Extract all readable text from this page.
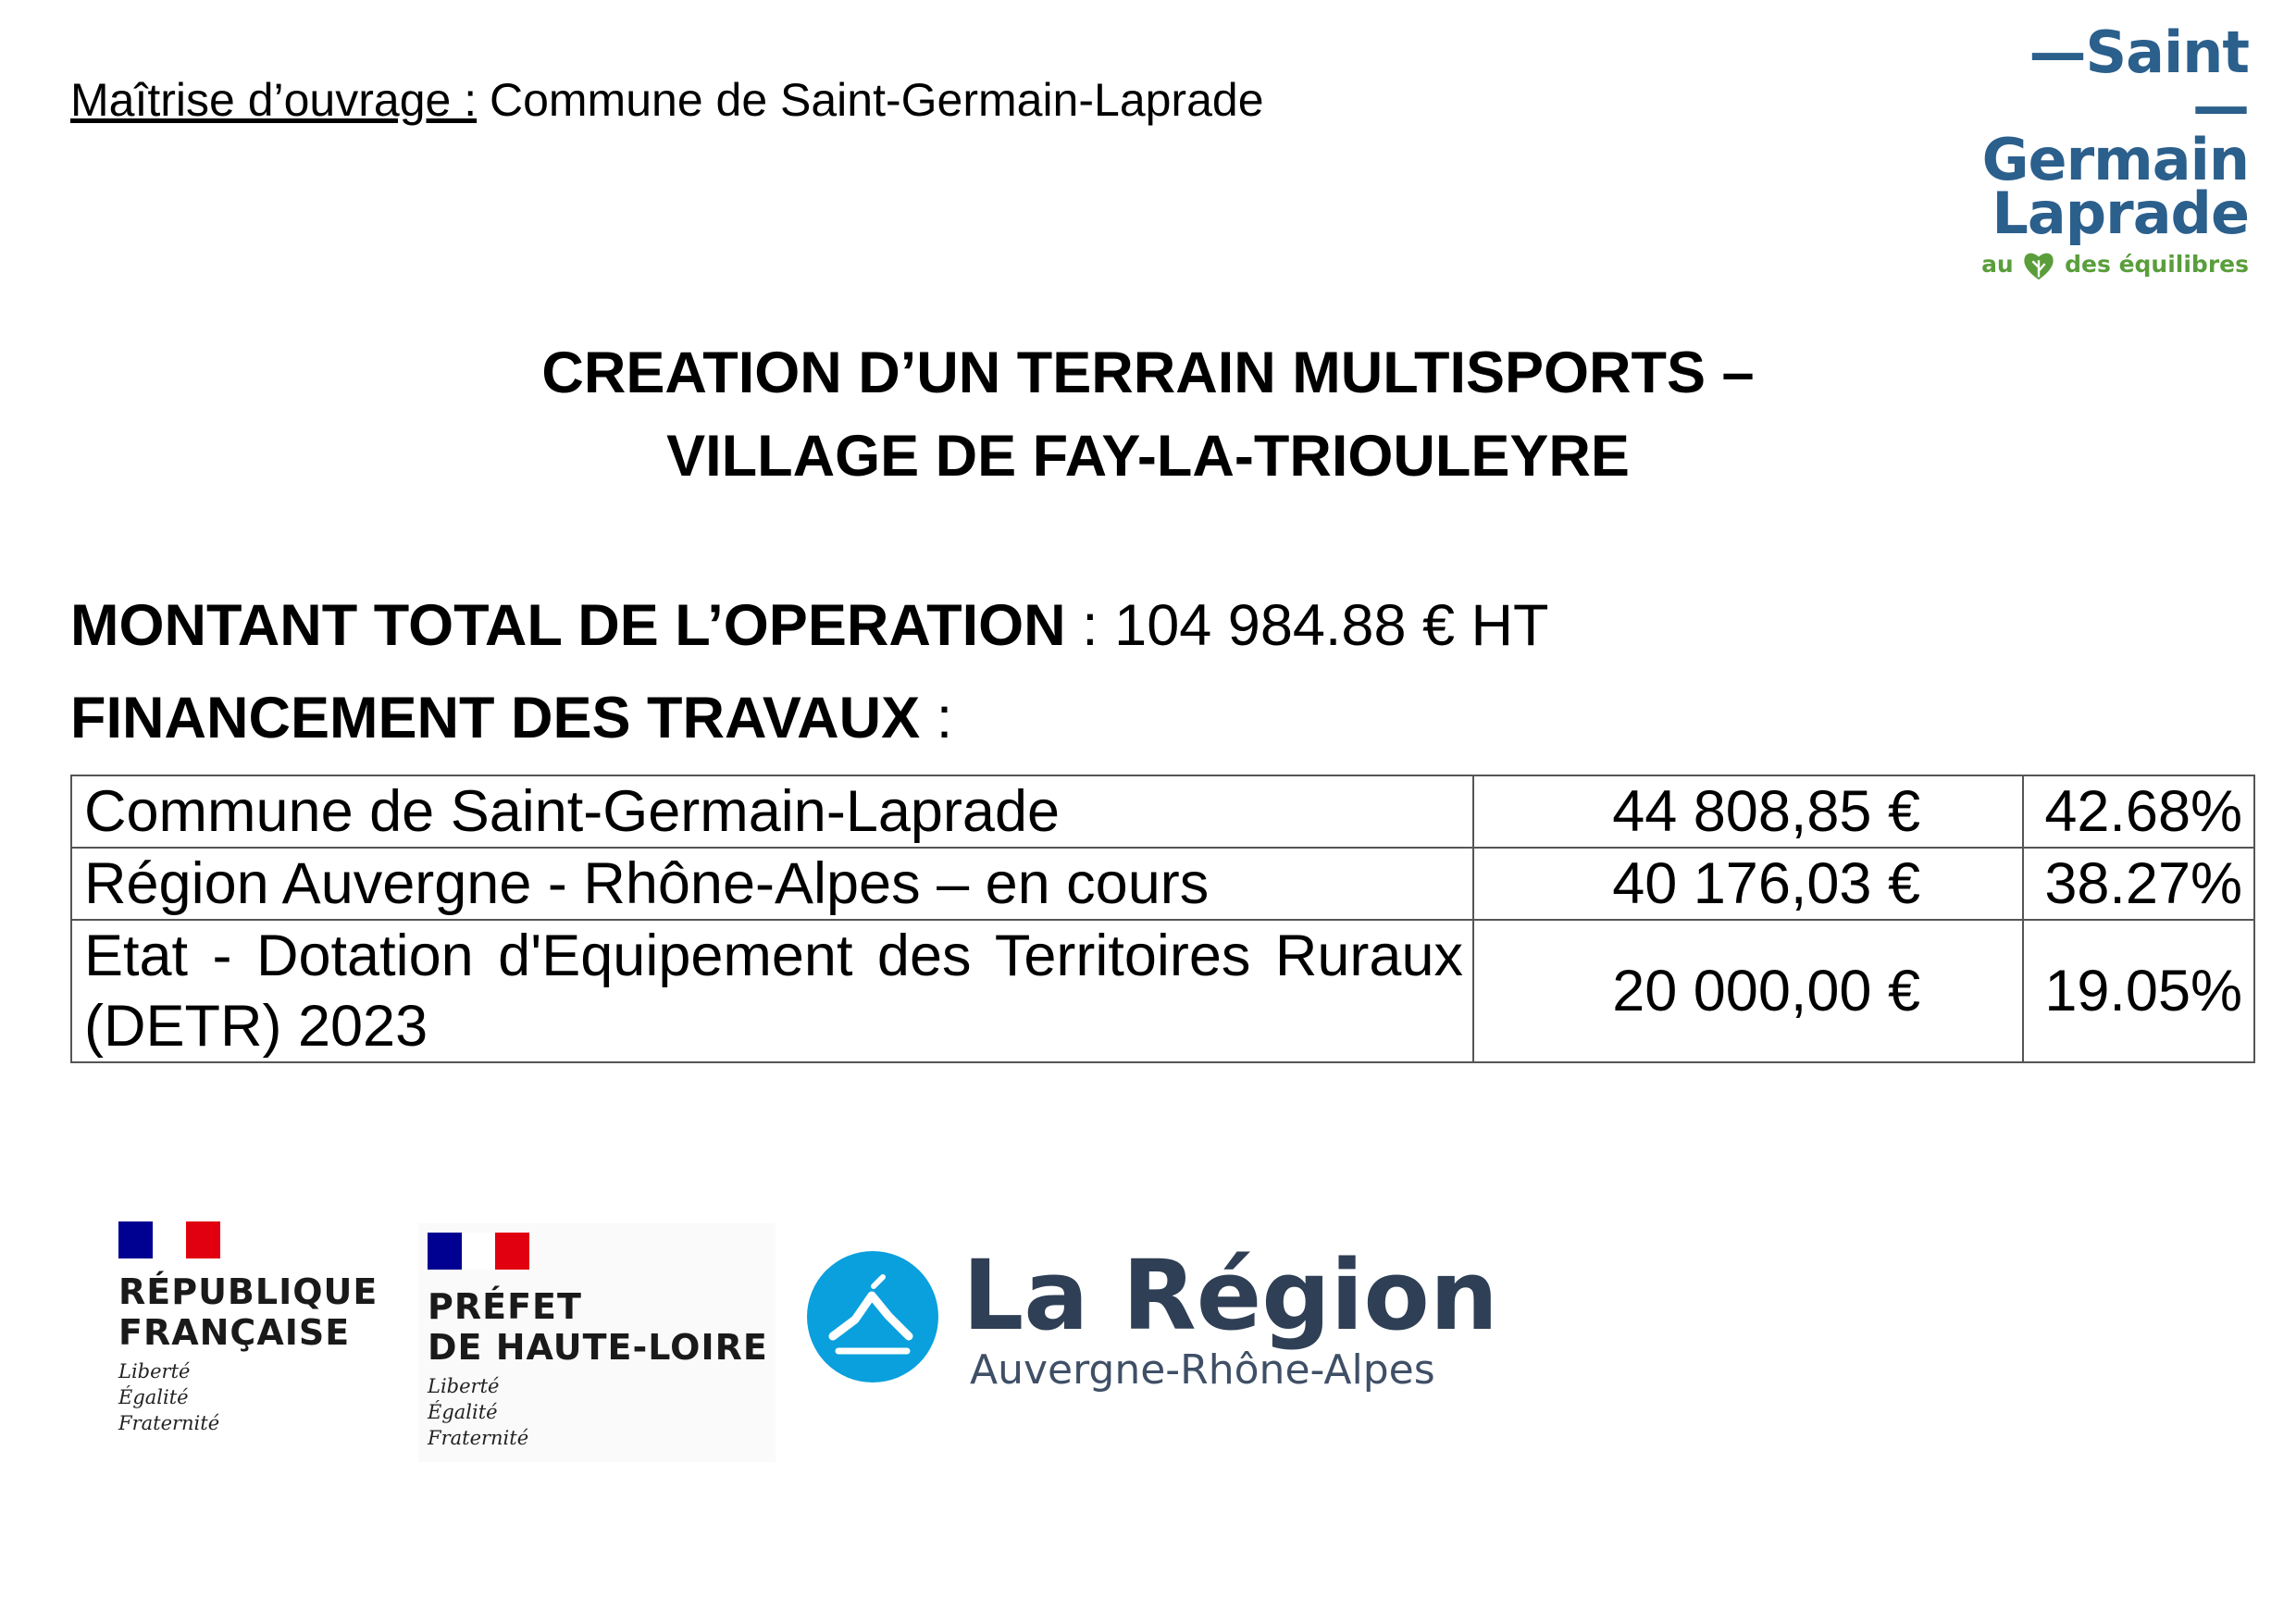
Maîtrise d’ouvrage : Commune de Saint-Germain-Laprade
—Saint—
Germain
Laprade
au  des équilibres
CREATION D’UN TERRAIN MULTISPORTS –
VILLAGE DE FAY-LA-TRIOULEYRE
MONTANT TOTAL DE L’OPERATION : 104 984.88 € HT
FINANCEMENT DES TRAVAUX :
Commune de Saint-Germain-Laprade	44 808,85 €	42.68%
Région Auvergne - Rhône-Alpes – en cours	40 176,03 €	38.27%
Etat - Dotation d'Equipement des Territoires Ruraux (DETR) 2023	20 000,00 €	19.05%
RÉPUBLIQUE
FRANÇAISE
Liberté
Égalité
Fraternité
PRÉFET
DE HAUTE-LOIRE
Liberté
Égalité
Fraternité
La Région
Auvergne-Rhône-Alpes
